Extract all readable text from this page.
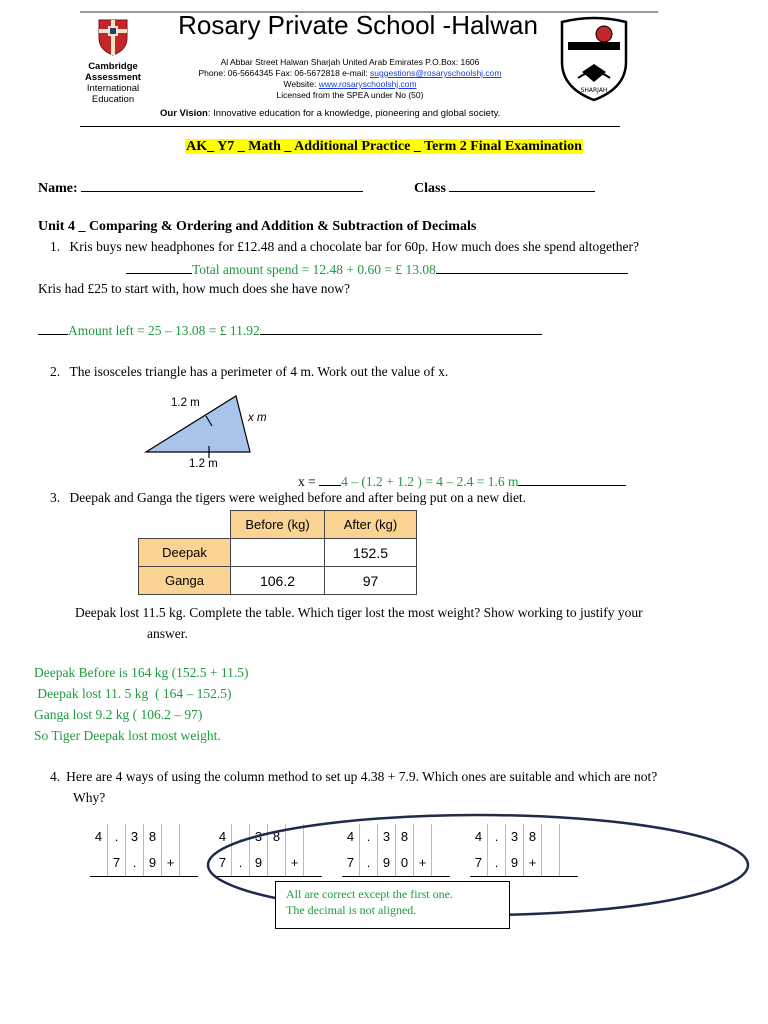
Cambridge
Assessment
International
Education
Rosary Private School -Halwan
Al Abbar Street Halwan Sharjah United Arab Emirates P.O.Box: 1606
Phone: 06-5664345 Fax: 06-5672818 e-mail: suggestions@rosaryschoolshj.com
Website: www.rosaryschoolshj.com
Licensed from the SPEA under No (50)
Our Vision: Innovative education for a knowledge, pioneering and global society.
SHARJAH
AK_ Y7 _ Math _ Additional Practice _ Term 2 Final Examination
Name:	Class
Unit 4 _ Comparing & Ordering and Addition & Subtraction of Decimals
1. Kris buys new headphones for £12.48 and a chocolate bar for 60p. How much does she spend altogether?
Total amount spend = 12.48 + 0.60 = £ 13.08
Kris had £25 to start with, how much does she have now?
Amount left = 25 – 13.08 = £ 11.92
2. The isosceles triangle has a perimeter of 4 m. Work out the value of x.
1.2 m
x m
1.2 m
x = 4 – (1.2 + 1.2 ) = 4 – 2.4 = 1.6 m
3. Deepak and Ganga the tigers were weighed before and after being put on a new diet.
	Before (kg)	After (kg)
Deepak		152.5
Ganga	106.2	97
Deepak lost 11.5 kg. Complete the table. Which tiger lost the most weight? Show working to justify your
answer.
Deepak Before is 164 kg (152.5 + 11.5)
Deepak lost 11. 5 kg  ( 164 – 152.5)
Ganga lost 9.2 kg ( 106.2 – 97)
So Tiger Deepak lost most weight.
4. Here are 4 ways of using the column method to set up 4.38 + 7.9. Which ones are suitable and which are not?
Why?
4 . 3 8
7 . 9 +
4 . 3 8
7 . 9	+
4 . 3 8
7 . 9 0 +
4 . 3 8
7 . 9 +
All are correct except the first one.
The decimal is not aligned.
